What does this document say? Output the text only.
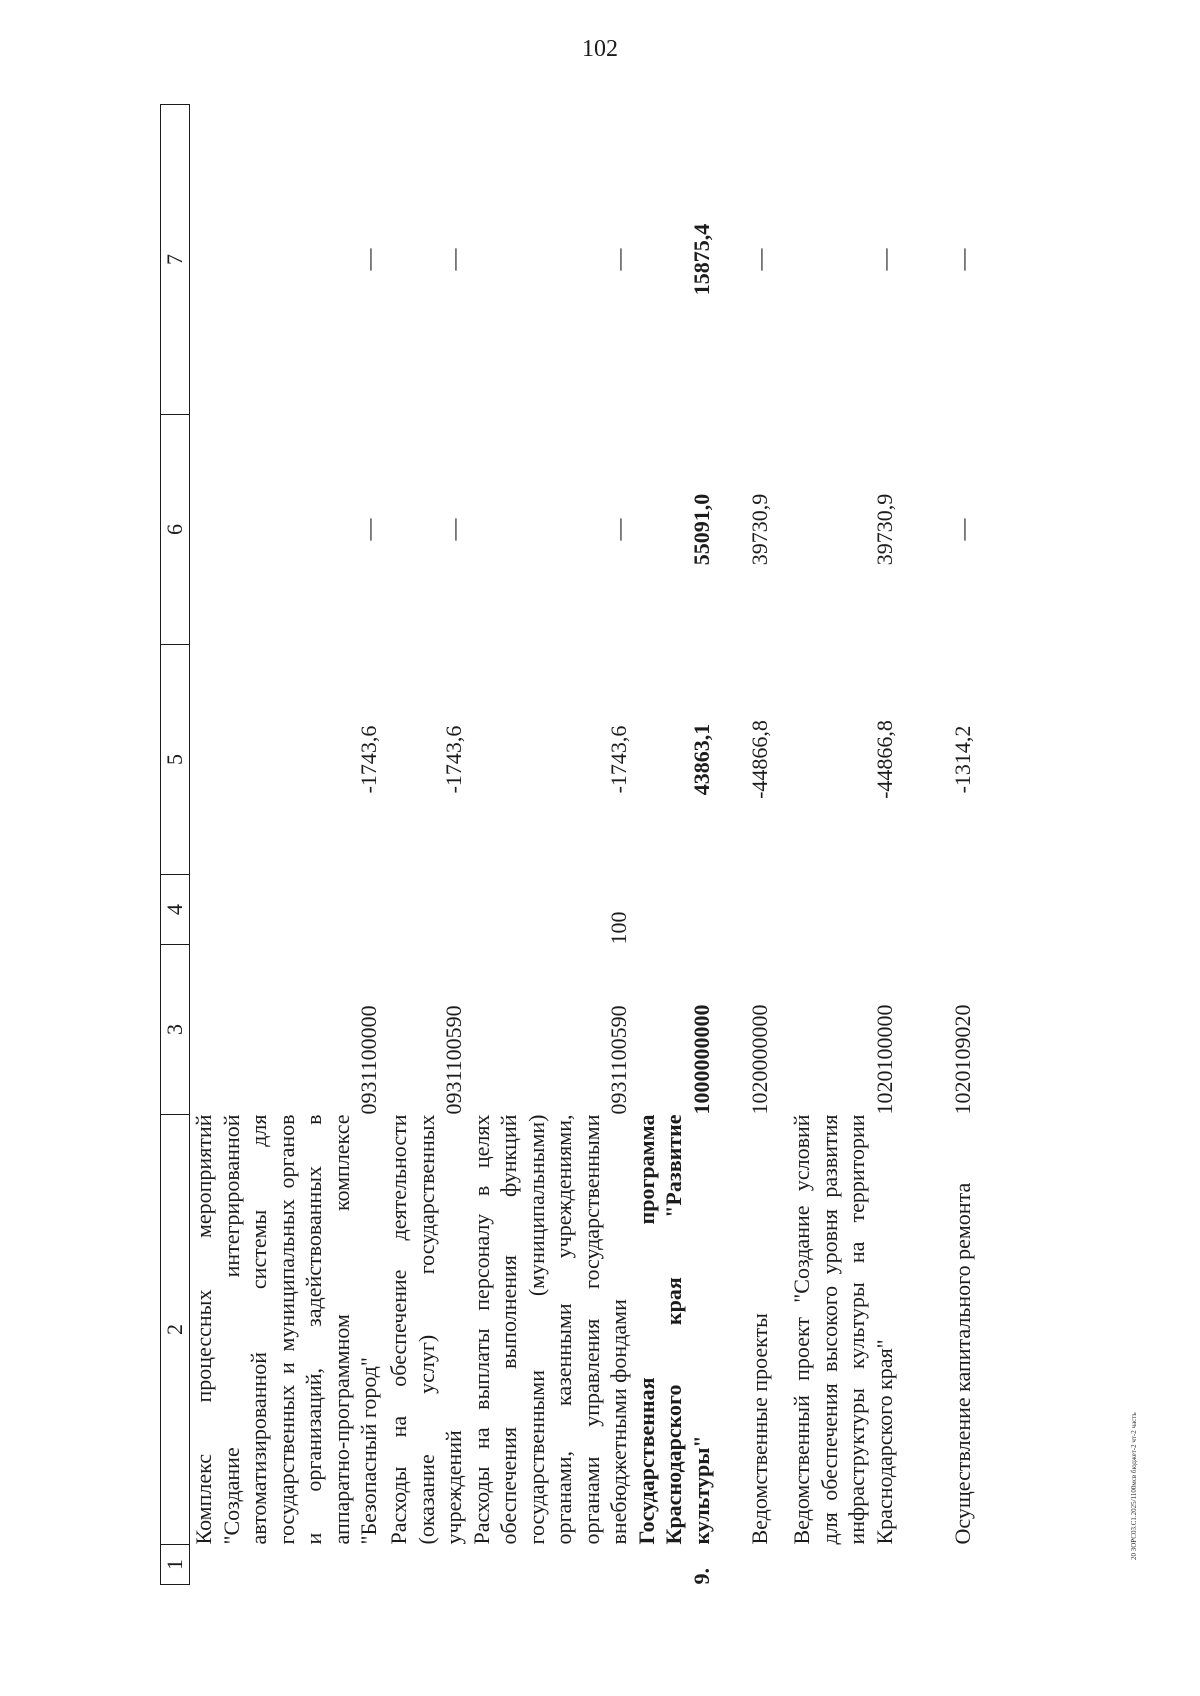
102
1	2	3	4	5	6	7
	Комплекс процессных мероприятий "Создание интегрированной автоматизированной системы для государственных и муниципальных органов и организаций, задействованных в аппаратно-программном комплексе "Безопасный город"	0931100000		-1743,6	—	—
	Расходы на обеспечение деятельности (оказание услуг) государственных учреждений	0931100590		-1743,6	—	—
	Расходы на выплаты персоналу в целях обеспечения выполнения функций государственными (муниципальными) органами, казенными учреждениями, органами управления государственными внебюджетными фондами	0931100590	100	-1743,6	—	—
9.	Государственная программа Краснодарского края "Развитие культуры"	1000000000		43863,1	55091,0	15875,4
	Ведомственные проекты	1020000000		-44866,8	39730,9	—
	Ведомственный проект "Создание условий для обеспечения высокого уровня развития инфраструктуры культуры на территории Краснодарского края"	1020100000		-44866,8	39730,9	—
	Осуществление капитального ремонта	1020109020		-1314,2	—	—
20 ЗОРС03.С1.2025/1100мсв бюджет-2 чт-2 часть
